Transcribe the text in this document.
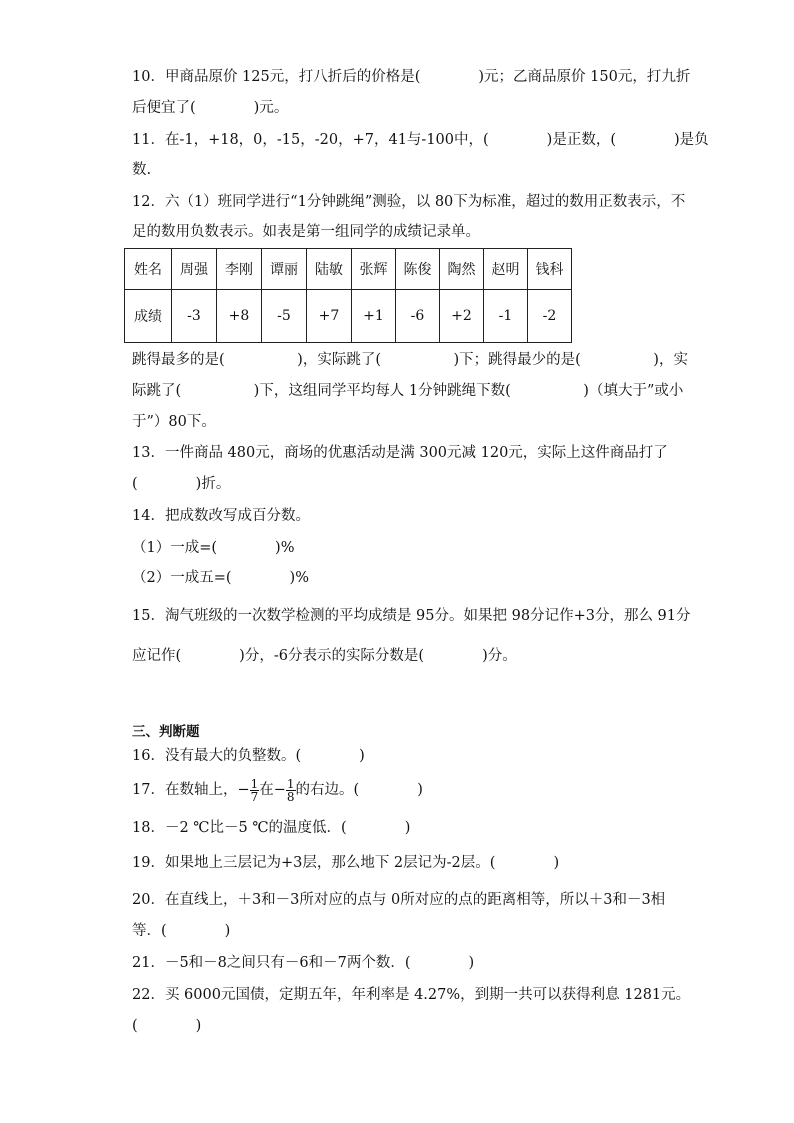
10．甲商品原价 125元，打八折后的价格是(　　　　)元；乙商品原价 150元，打九折
后便宜了(　　　　)元。
11．在-1，+18，0，-15，-20，+7，41与-100中，(　　　　)是正数，(　　　　)是负
数.
12．六（1）班同学进行“1分钟跳绳”测验，以 80下为标准，超过的数用正数表示，不
足的数用负数表示。如表是第一组同学的成绩记录单。
姓名	周强	李刚	谭丽	陆敏	张辉	陈俊	陶然	赵明	钱科
成绩	-3	+8	-5	+7	+1	-6	+2	-1	-2
跳得最多的是(　　　　　)，实际跳了(　　　　　)下；跳得最少的是(　　　　　)，实
际跳了(　　　　　)下，这组同学平均每人 1分钟跳绳下数(　　　　　)（填大于”或小
于”）80下。
13．一件商品 480元，商场的优惠活动是满 300元减 120元，实际上这件商品打了
(　　　　)折。
14．把成数改写成百分数。
（1）一成=(　　　　)%
（2）一成五=(　　　　)%
15．淘气班级的一次数学检测的平均成绩是 95分。如果把 98分记作+3分，那么 91分
应记作(　　　　)分，-6分表示的实际分数是(　　　　)分。
三、判断题
16．没有最大的负整数。(　　　　)
17．在数轴上，− $\frac{1}{7}$ 在− $\frac{1}{8}$ 的右边。(　　　　)
18．－2 ℃比－5 ℃的温度低．(　　　　)
19．如果地上三层记为+3层，那么地下 2层记为-2层。(　　　　)
20．在直线上，＋3和－3所对应的点与 0所对应的点的距离相等，所以＋3和－3相
等．(　　　　)
21．－5和－8之间只有－6和－7两个数．(　　　　)
22．买 6000元国债，定期五年，年利率是 4.27%，到期一共可以获得利息 1281元。
(　　　　)
